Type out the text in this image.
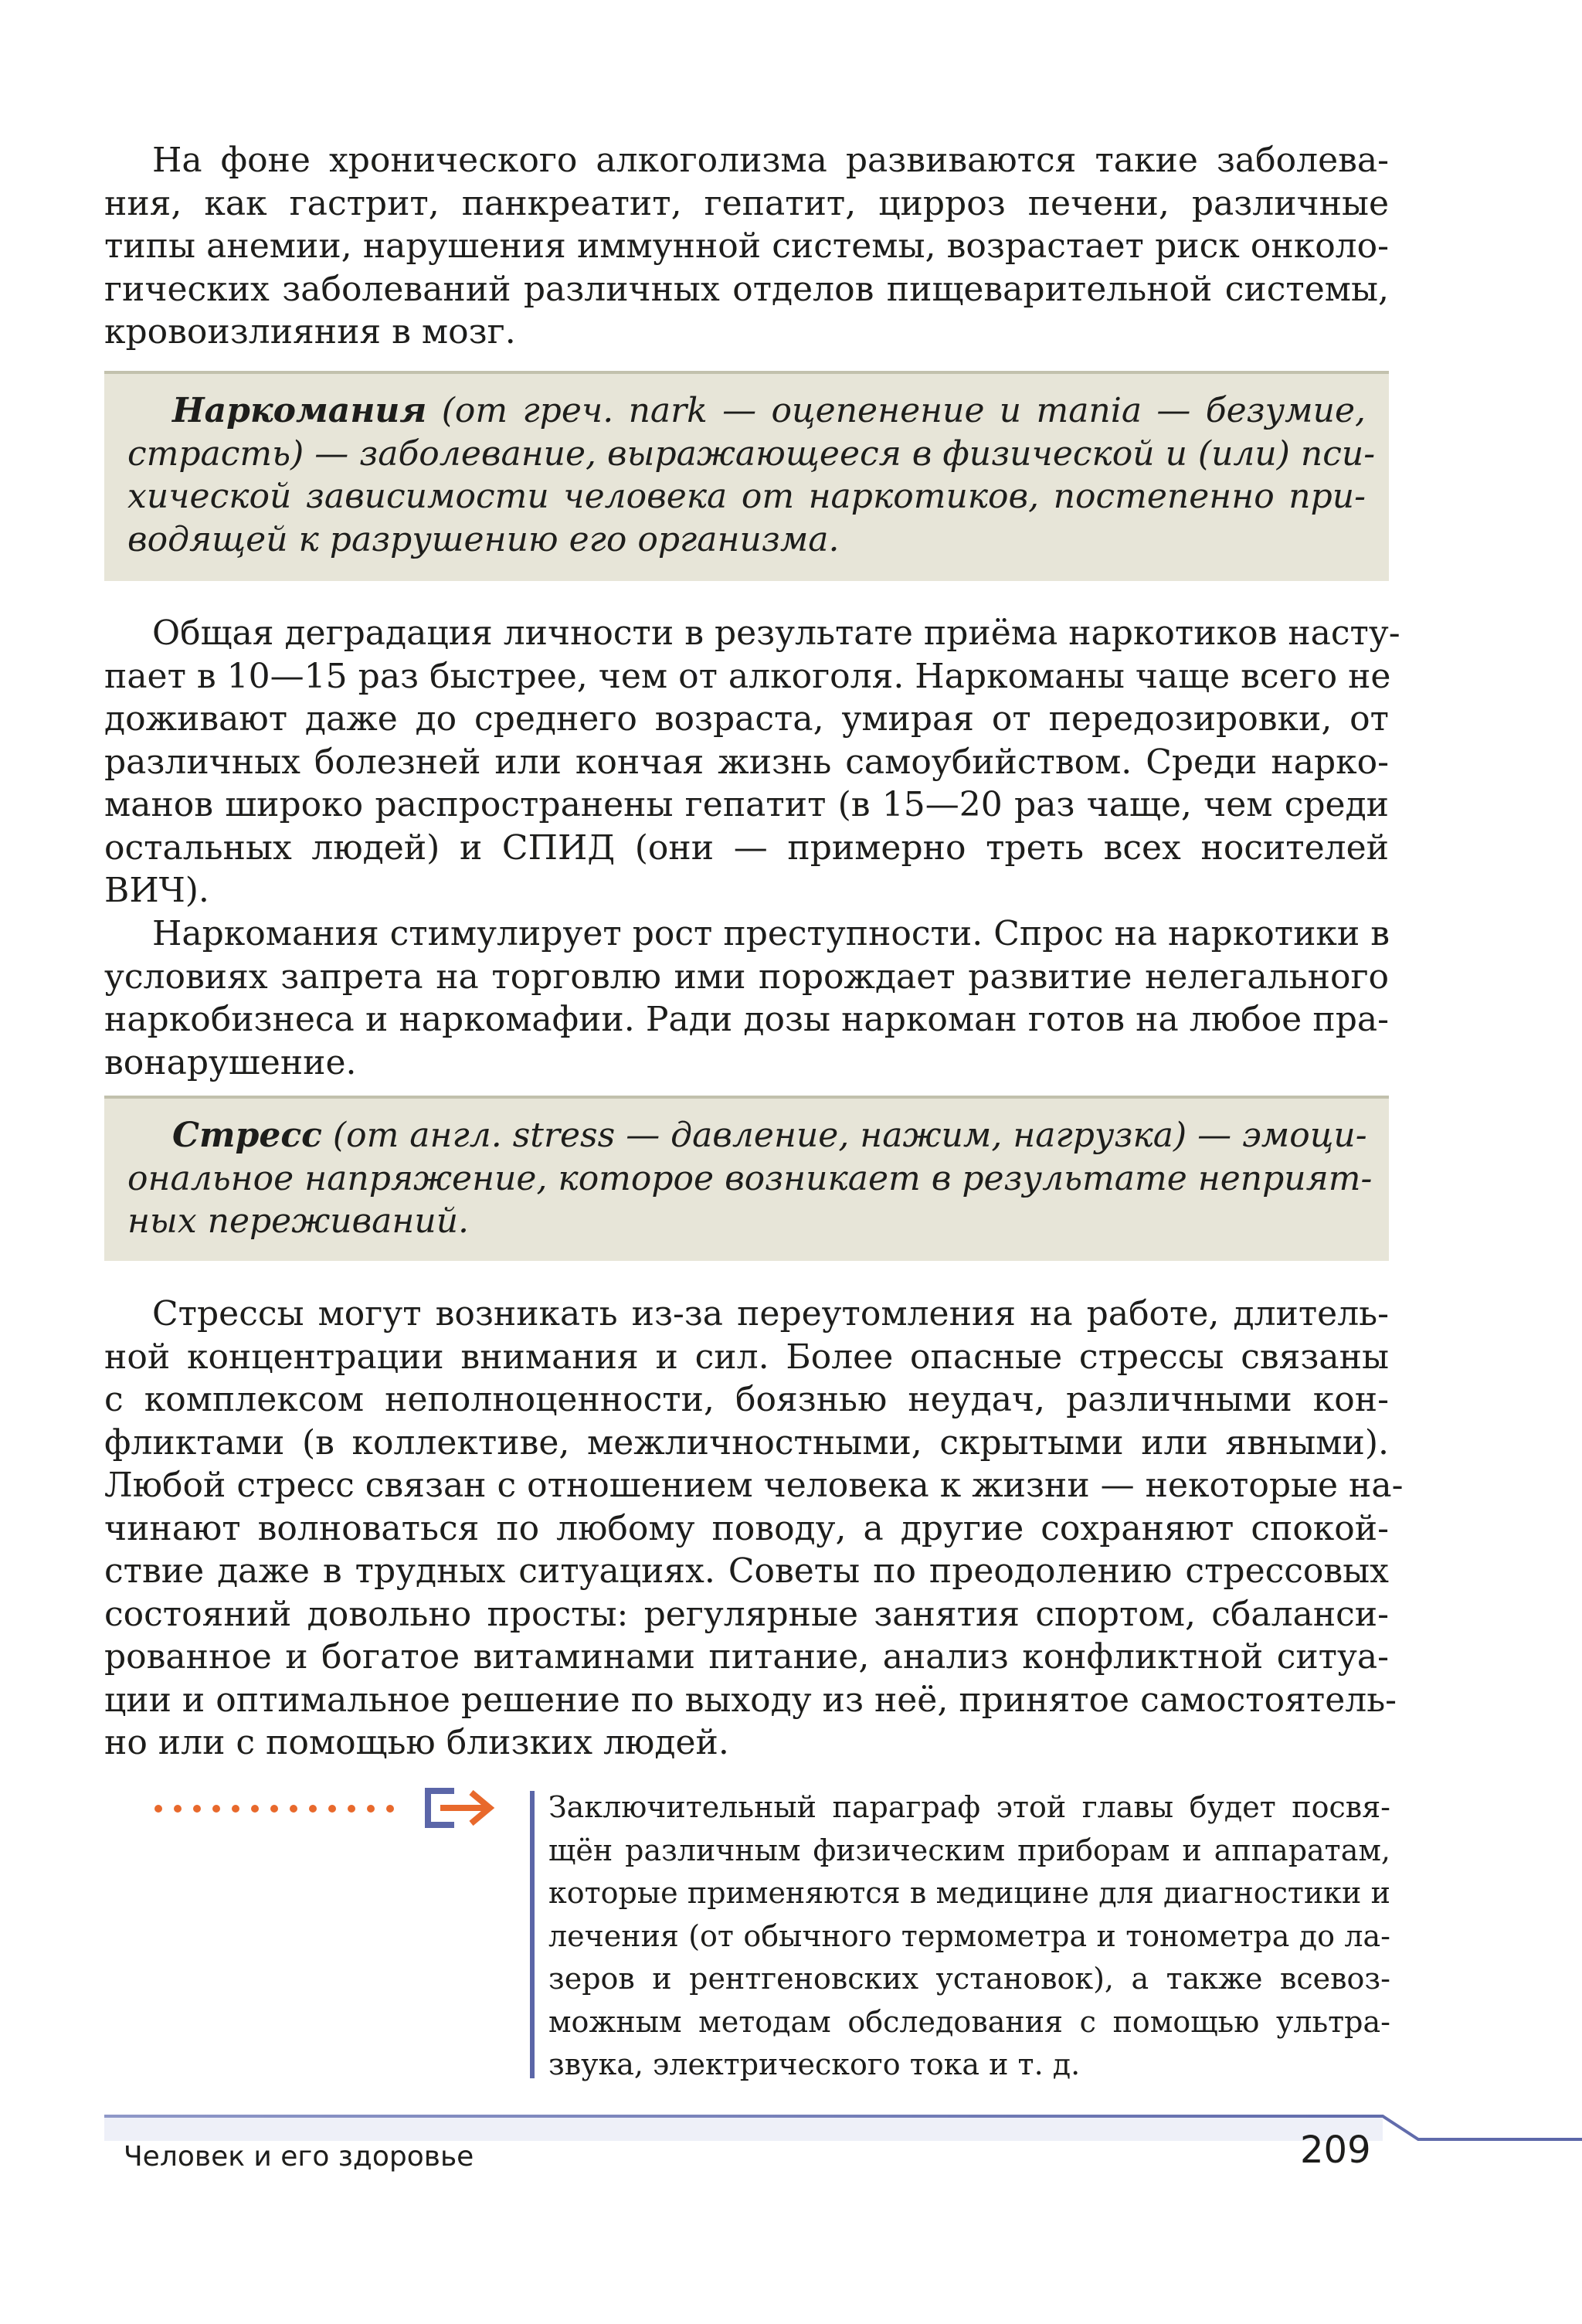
На фоне хронического алкоголизма развиваются такие заболева-
ния, как гастрит, панкреатит, гепатит, цирроз печени, различные
типы анемии, нарушения иммунной системы, возрастает риск онколо-
гических заболеваний различных отделов пищеварительной системы,
кровоизлияния в мозг.

Наркомания (от греч. nark — оцепенение и mania — безумие,
страсть) — заболевание, выражающееся в физической и (или) пси-
хической зависимости человека от наркотиков, постепенно при-
водящей к разрушению его организма.

Общая деградация личности в результате приёма наркотиков насту-
пает в 10—15 раз быстрее, чем от алкоголя. Наркоманы чаще всего не
доживают даже до среднего возраста, умирая от передозировки, от
различных болезней или кончая жизнь самоубийством. Среди нарко-
манов широко распространены гепатит (в 15—20 раз чаще, чем среди
остальных людей) и СПИД (они — примерно треть всех носителей
ВИЧ).

Наркомания стимулирует рост преступности. Спрос на наркотики в
условиях запрета на торговлю ими порождает развитие нелегального
наркобизнеса и наркомафии. Ради дозы наркоман готов на любое пра-
вонарушение.

Стресс (от англ. stress — давление, нажим, нагрузка) — эмоци-
ональное напряжение, которое возникает в результате неприят-
ных переживаний.

Стрессы могут возникать из-за переутомления на работе, длитель-
ной концентрации внимания и сил. Более опасные стрессы связаны
с комплексом неполноценности, боязнью неудач, различными кон-
фликтами (в коллективе, межличностными, скрытыми или явными).
Любой стресс связан с отношением человека к жизни — некоторые на-
чинают волноваться по любому поводу, а другие сохраняют спокой-
ствие даже в трудных ситуациях. Советы по преодолению стрессовых
состояний довольно просты: регулярные занятия спортом, сбаланси-
рованное и богатое витаминами питание, анализ конфликтной ситуа-
ции и оптимальное решение по выходу из неё, принятое самостоятель-
но или с помощью близких людей.

Заключительный параграф этой главы будет посвя-
щён различным физическим приборам и аппаратам,
которые применяются в медицине для диагностики и
лечения (от обычного термометра и тонометра до ла-
зеров и рентгеновских установок), а также всевоз-
можным методам обследования с помощью ультра-
звука, электрического тока и т. д.
Человек и его здоровье	209
